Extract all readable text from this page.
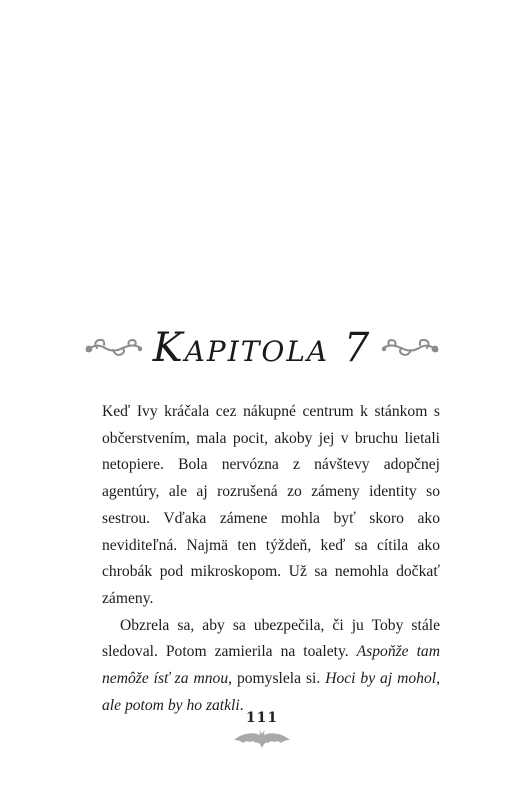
Kapitola 7

Keď Ivy kráčala cez nákupné centrum k stánkom s občerstvením, mala pocit, akoby jej v bruchu lietali netopiere. Bola nervózna z návštevy adopčnej agentúry, ale aj rozrušená zo zámeny identity so sestrou. Vďaka zámene mohla byť skoro ako neviditeľná. Najmä ten týždeň, keď sa cítila ako chrobák pod mikroskopom. Už sa nemohla dočkať zámeny.

Obzrela sa, aby sa ubezpečila, či ju Toby stále sledoval. Potom zamierila na toalety. Aspoňže tam nemôže ísť za mnou, pomyslela si. Hoci by aj mohol, ale potom by ho zatkli.

111
